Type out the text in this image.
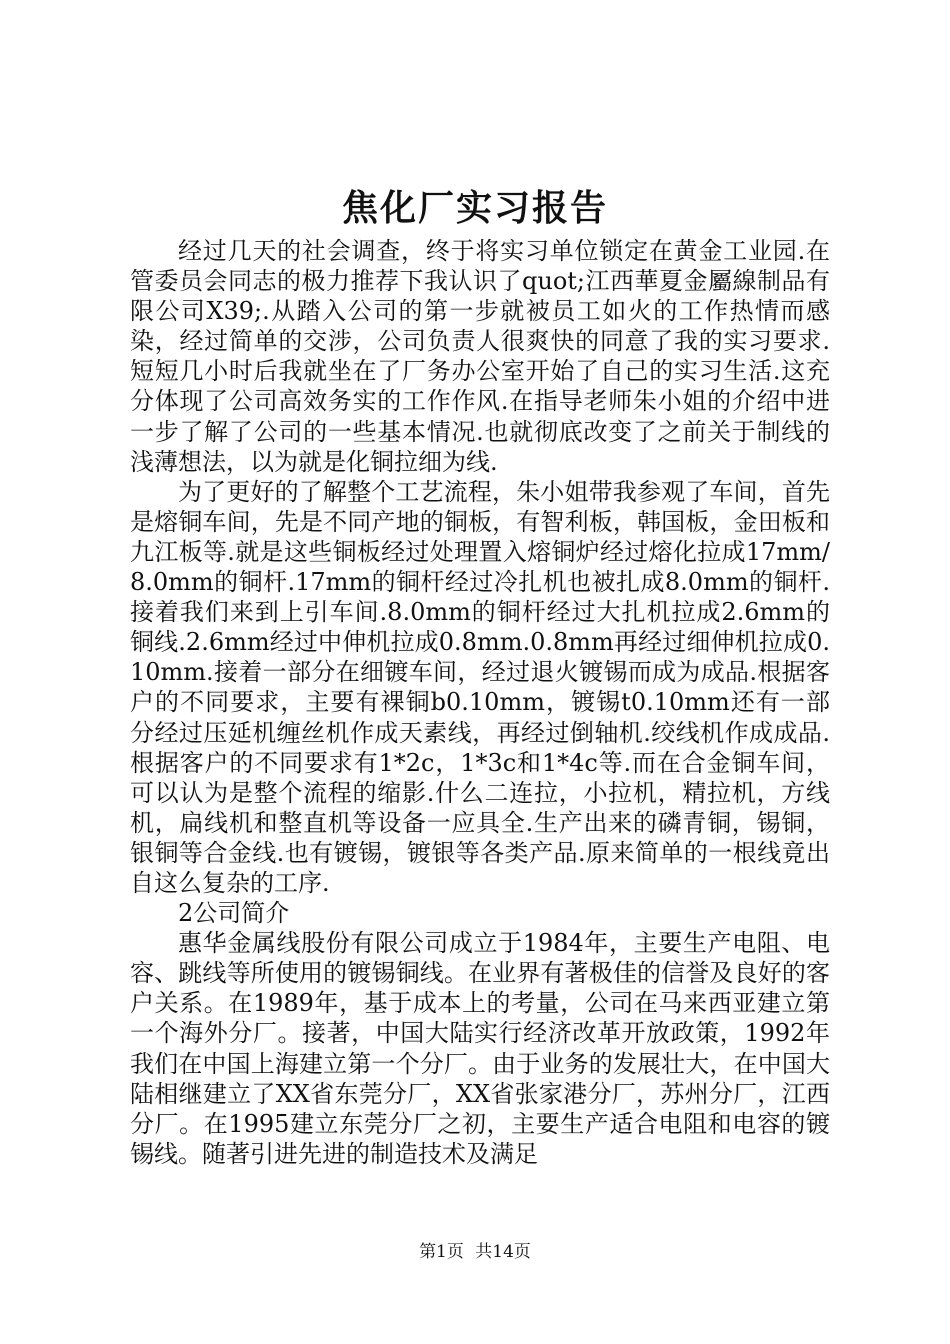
焦化厂实习报告

经过几天的社会调查，终于将实习单位锁定在黄金工业园.在管委员会同志的极力推荐下我认识了quot;江西華夏金屬線制品有限公司X39;.从踏入公司的第一步就被员工如火的工作热情而感染，经过简单的交涉，公司负责人很爽快的同意了我的实习要求.短短几小时后我就坐在了厂务办公室开始了自己的实习生活.这充分体现了公司高效务实的工作作风.在指导老师朱小姐的介绍中进一步了解了公司的一些基本情况.也就彻底改变了之前关于制线的浅薄想法，以为就是化铜拉细为线.

为了更好的了解整个工艺流程，朱小姐带我参观了车间，首先是熔铜车间，先是不同产地的铜板，有智利板，韩国板，金田板和九江板等.就是这些铜板经过处理置入熔铜炉经过熔化拉成17mm/8.0mm的铜杆.17mm的铜杆经过冷扎机也被扎成8.0mm的铜杆.接着我们来到上引车间.8.0mm的铜杆经过大扎机拉成2.6mm的铜线.2.6mm经过中伸机拉成0.8mm.0.8mm再经过细伸机拉成0.10mm.接着一部分在细镀车间，经过退火镀锡而成为成品.根据客户的不同要求，主要有裸铜b0.10mm，镀锡t0.10mm还有一部分经过压延机缠丝机作成天素线，再经过倒轴机.绞线机作成成品.根据客户的不同要求有1*2c，1*3c和1*4c等.而在合金铜车间，可以认为是整个流程的缩影.什么二连拉，小拉机，精拉机，方线机，扁线机和整直机等设备一应具全.生产出来的磷青铜，锡铜，银铜等合金线.也有镀锡，镀银等各类产品.原来简单的一根线竟出自这么复杂的工序.

2公司简介

惠华金属线股份有限公司成立于1984年，主要生产电阻、电容、跳线等所使用的镀锡铜线。在业界有著极佳的信誉及良好的客户关系。在1989年，基于成本上的考量，公司在马来西亚建立第一个海外分厂。接著，中国大陆实行经济改革开放政策，1992年我们在中国上海建立第一个分厂。由于业务的发展壮大，在中国大陆相继建立了XX省东莞分厂，XX省张家港分厂，苏州分厂，江西分厂。在1995建立东莞分厂之初，主要生产适合电阻和电容的镀锡线。随著引进先进的制造技术及满足

第1页 共14页
